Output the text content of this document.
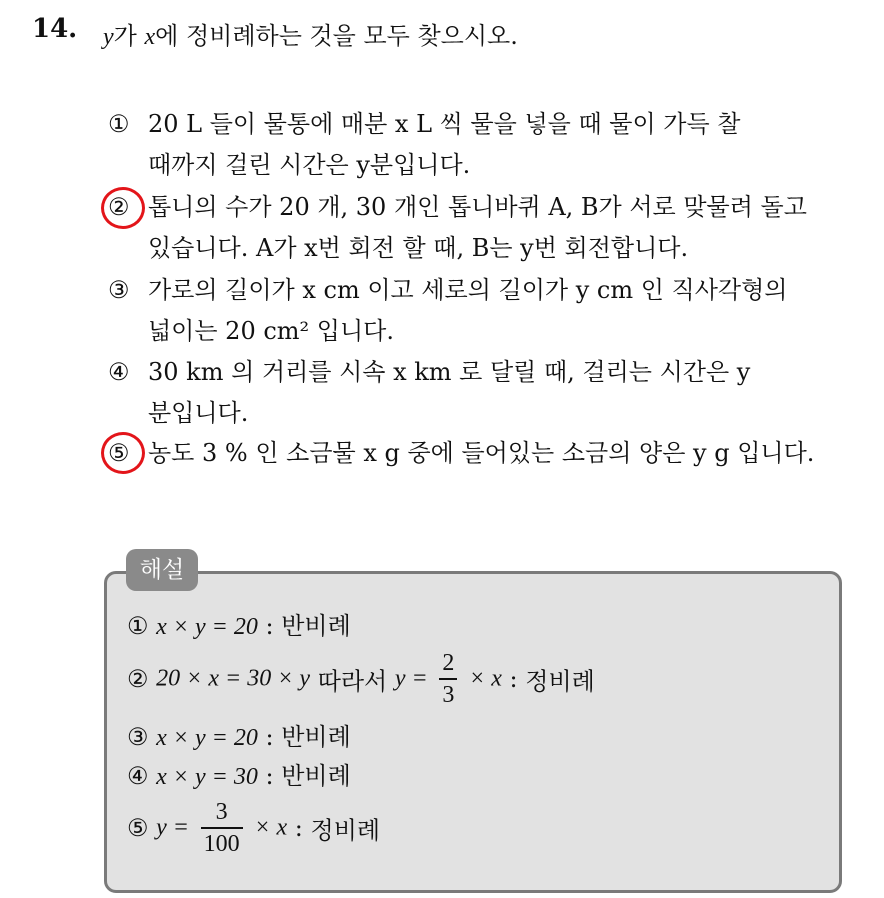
14. y가 x에 정비례하는 것을 모두 찾으시오.
① 20 L 들이 물통에 매분 x L 씩 물을 넣을 때 물이 가득 찰
때까지 걸린 시간은 y분입니다.
② 톱니의 수가 20 개, 30 개인 톱니바퀴 A, B가 서로 맞물려 돌고
있습니다. A가 x번 회전 할 때, B는 y번 회전합니다.
③ 가로의 길이가 x cm 이고 세로의 길이가 y cm 인 직사각형의
넓이는 20 cm² 입니다.
④ 30 km 의 거리를 시속 x km 로 달릴 때, 걸리는 시간은 y
분입니다.
⑤ 농도 3 % 인 소금물 x g 중에 들어있는 소금의 양은 y g 입니다.
해설
① x × y = 20 : 반비례
② 20 × x = 30 × y 따라서 $y = \frac{2}{3} \times x$ : 정비례
③ x × y = 20 : 반비례
④ x × y = 30 : 반비례
⑤ $y = \frac{3}{100} \times x$ : 정비례
